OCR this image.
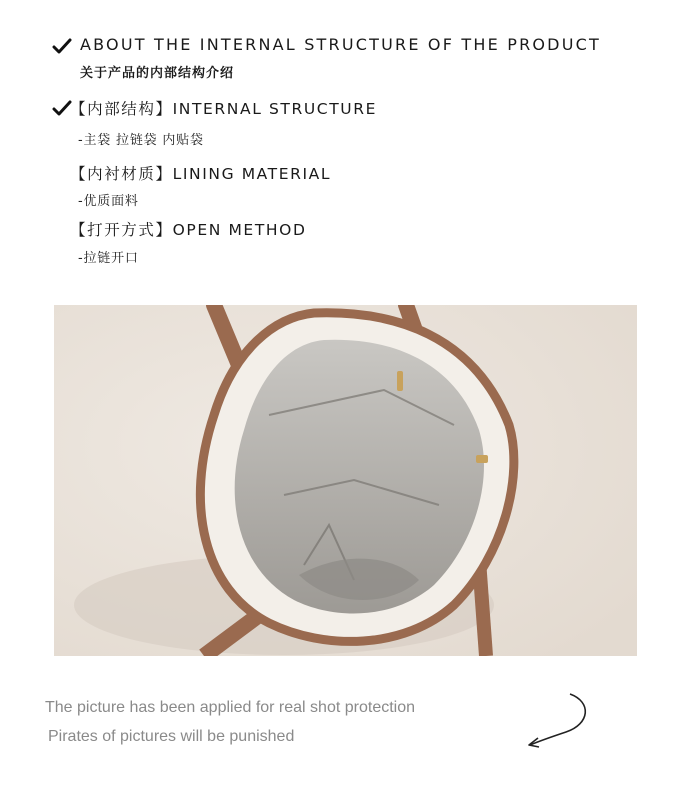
ABOUT THE INTERNAL STRUCTURE OF THE PRODUCT
关于产品的内部结构介绍
【内部结构】INTERNAL STRUCTURE
-主袋 拉链袋 内贴袋
【内衬材质】LINING MATERIAL
-优质面料
【打开方式】OPEN METHOD
-拉链开口
The picture has been applied for real shot protection
Pirates of pictures will be punished
